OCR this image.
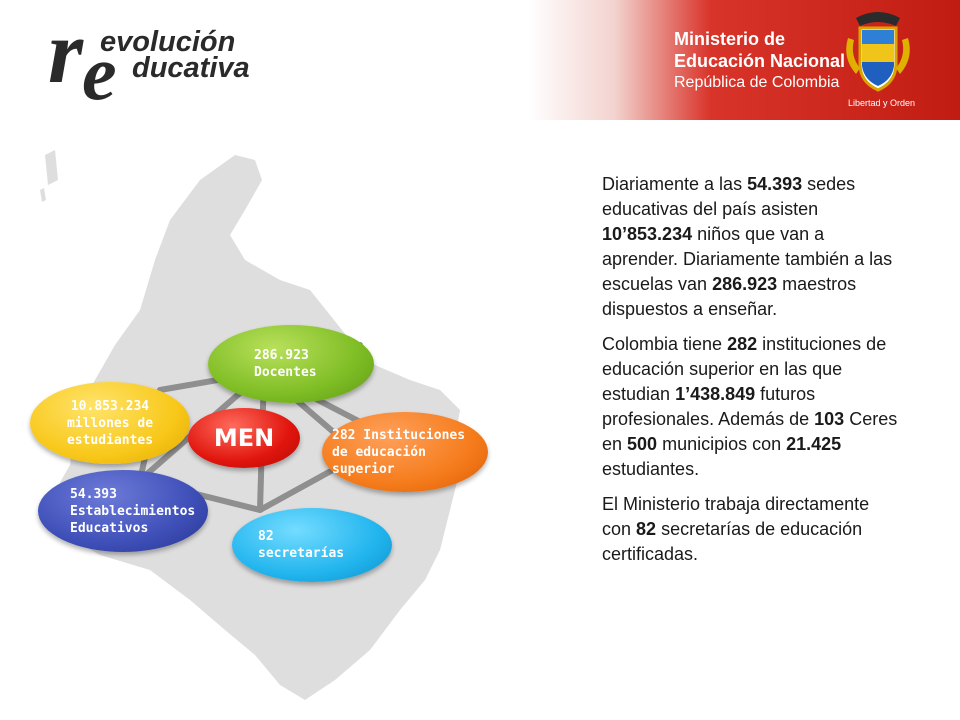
r
e
evolución
ducativa
Ministerio de
Educación Nacional
República de Colombia
Libertad y Orden
286.923
Docentes
10.853.234
millones de
estudiantes	MEN	282 Instituciones
de educación
superior
54.393
Establecimientos
Educativos
82
secretarías

Diariamente a las 54.393 sedes educativas del país asisten 10’853.234 niños que van a aprender. Diariamente también a las escuelas van 286.923 maestros dispuestos a enseñar.

Colombia tiene 282 instituciones de educación superior en las que estudian 1’438.849 futuros profesionales. Además de 103 Ceres en 500 municipios con 21.425 estudiantes.

El Ministerio trabaja directamente con 82 secretarías de educación certificadas.
